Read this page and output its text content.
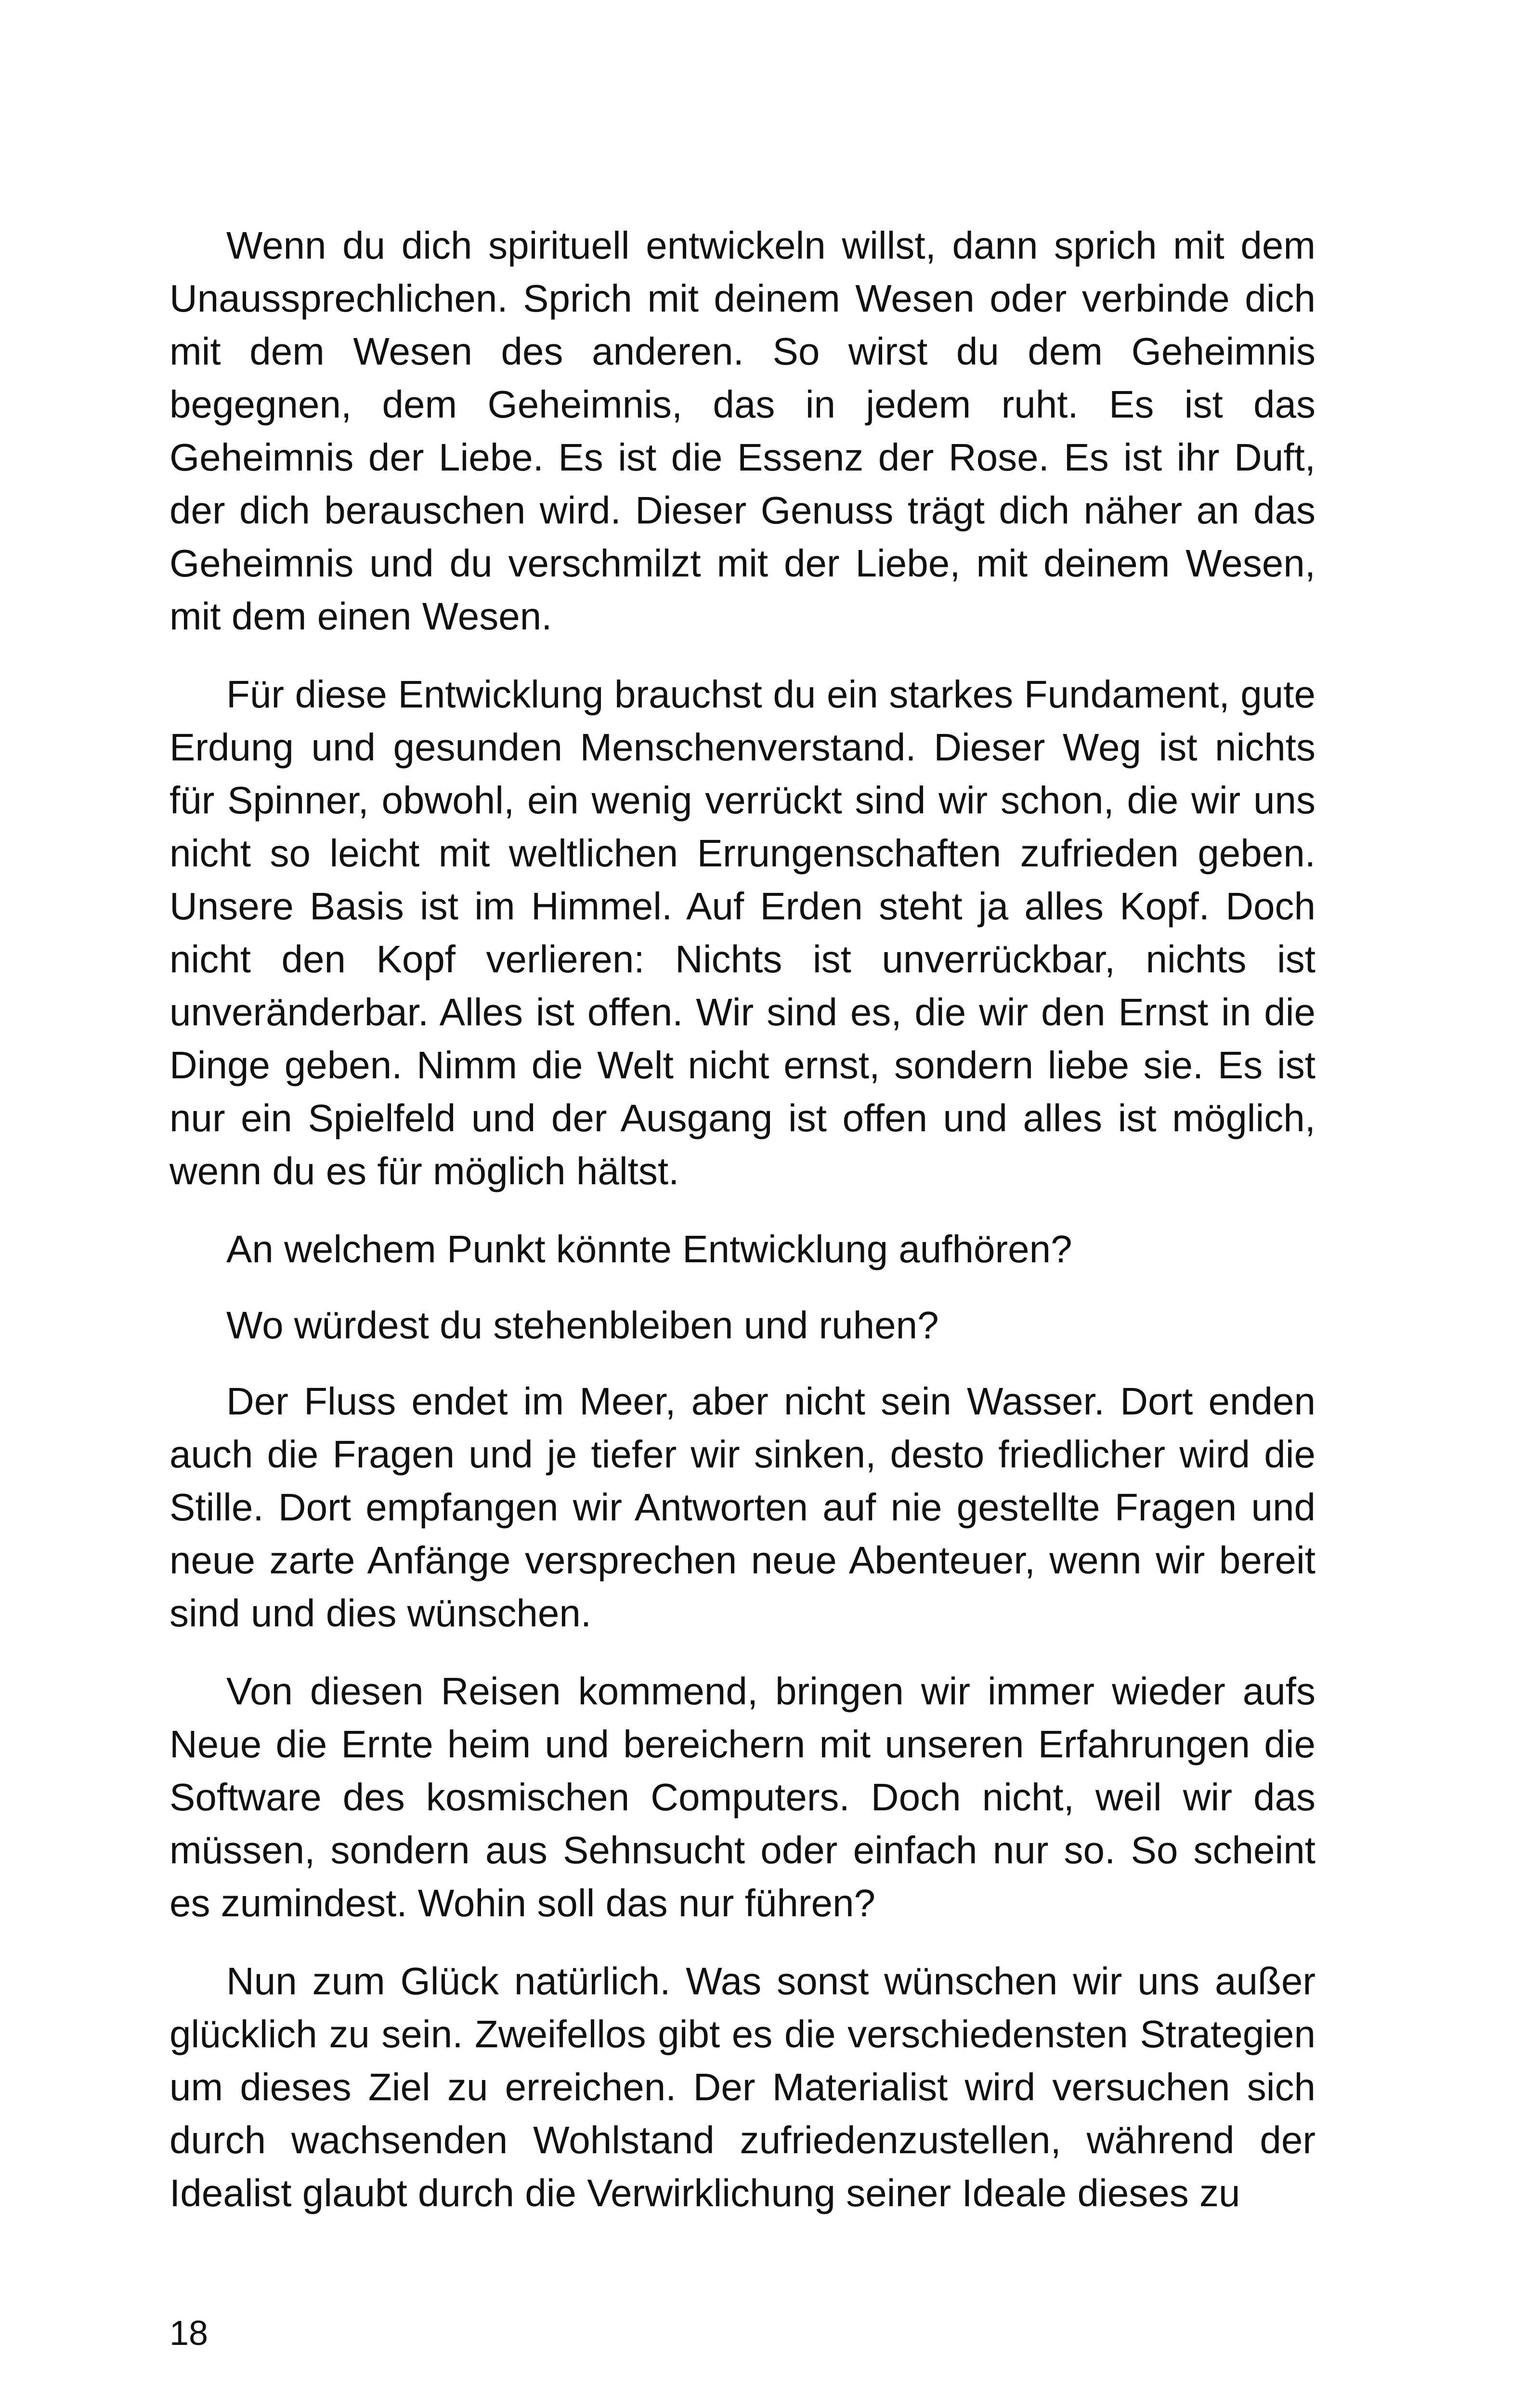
Wenn du dich spirituell entwickeln willst, dann sprich mit dem Unaussprechlichen. Sprich mit deinem Wesen oder verbinde dich mit dem Wesen des anderen. So wirst du dem Geheimnis begegnen, dem Geheimnis, das in jedem ruht. Es ist das Geheimnis der Liebe. Es ist die Essenz der Rose. Es ist ihr Duft, der dich berauschen wird. Dieser Genuss trägt dich näher an das Geheimnis und du verschmilzt mit der Liebe, mit deinem Wesen, mit dem einen Wesen.

Für diese Entwicklung brauchst du ein starkes Fundament, gute Erdung und gesunden Menschenverstand. Dieser Weg ist nichts für Spinner, obwohl, ein wenig verrückt sind wir schon, die wir uns nicht so leicht mit weltlichen Errungenschaften zufrieden geben. Unsere Basis ist im Himmel. Auf Erden steht ja alles Kopf. Doch nicht den Kopf verlieren: Nichts ist unverrückbar, nichts ist unveränderbar. Alles ist offen. Wir sind es, die wir den Ernst in die Dinge geben. Nimm die Welt nicht ernst, sondern liebe sie. Es ist nur ein Spielfeld und der Ausgang ist offen und alles ist möglich, wenn du es für möglich hältst.

An welchem Punkt könnte Entwicklung aufhören?

Wo würdest du stehenbleiben und ruhen?

Der Fluss endet im Meer, aber nicht sein Wasser. Dort enden auch die Fragen und je tiefer wir sinken, desto friedlicher wird die Stille. Dort empfangen wir Antworten auf nie gestellte Fragen und neue zarte Anfänge versprechen neue Abenteuer, wenn wir bereit sind und dies wünschen.

Von diesen Reisen kommend, bringen wir immer wieder aufs Neue die Ernte heim und bereichern mit unseren Erfahrungen die Software des kosmischen Computers. Doch nicht, weil wir das müssen, sondern aus Sehnsucht oder einfach nur so. So scheint es zumindest. Wohin soll das nur führen?

Nun zum Glück natürlich. Was sonst wünschen wir uns außer glücklich zu sein. Zweifellos gibt es die verschiedensten Strategien um dieses Ziel zu erreichen. Der Materialist wird versuchen sich durch wachsenden Wohlstand zufriedenzustellen, während der Idealist glaubt durch die Verwirklichung seiner Ideale dieses zu

18
